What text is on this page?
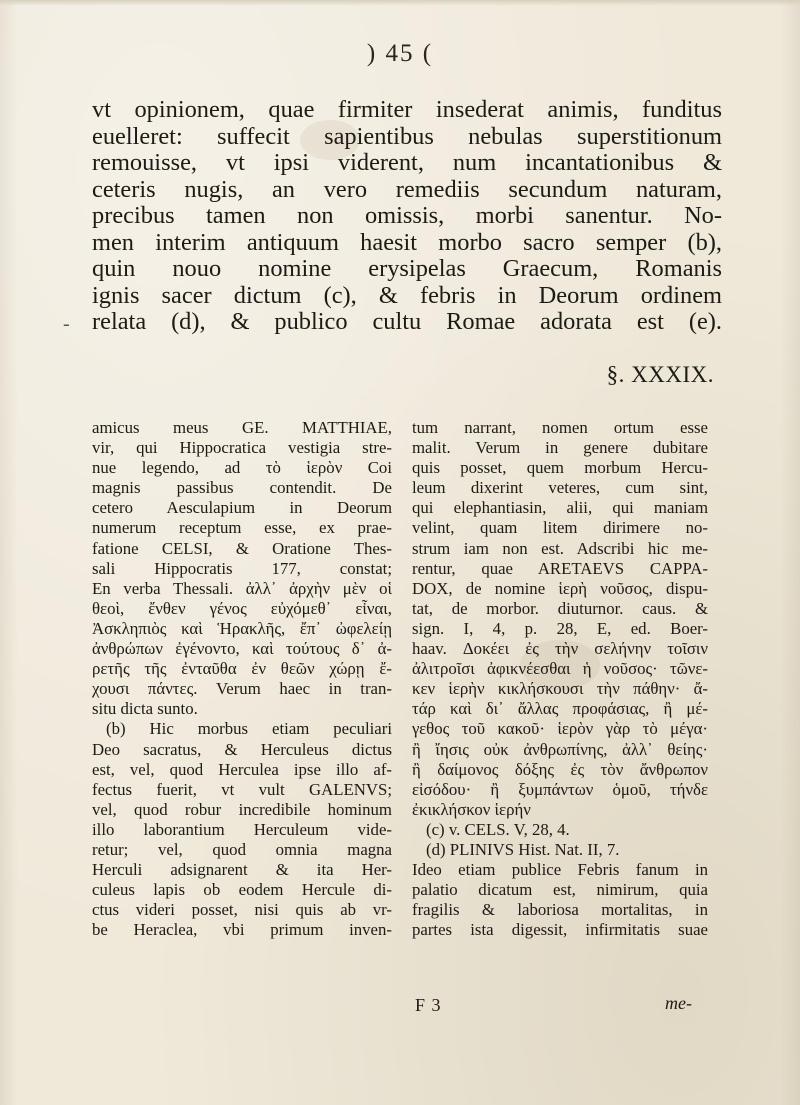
) 45 (
vt opinionem, quae firmiter insederat animis, funditus
euelleret: suffecit sapientibus nebulas superstitionum
remouisse, vt ipsi viderent, num incantationibus &
ceteris nugis, an vero remediis secundum naturam,
precibus tamen non omissis, morbi sanentur. No-
men interim antiquum haesit morbo sacro semper (b),
quin nouo nomine erysipelas Graecum, Romanis
ignis sacer dictum (c), & febris in Deorum ordinem
relata (d), & publico cultu Romae adorata est (e).
§. XXXIX.
-
amicus meus GE. MATTHIAE,
vir, qui Hippocratica vestigia stre-
nue legendo, ad τὸ ἱερὸν Coi
magnis passibus contendit. De
cetero Aesculapium in Deorum
numerum receptum esse, ex prae-
fatione CELSI, & Oratione Thes-
sali Hippocratis 177, constat;
En verba Thessali. ἀλλ᾽ ἀρχὴν μὲν οἱ
θεοὶ, ἔνθεν γένος εὐχόμεθ᾽ εἶναι,
Ἀσκληπιὸς καὶ Ἡρακλῆς, ἔπ᾽ ὠφελείῃ
ἀνθρώπων ἐγένοντο, καὶ τούτους δ᾽ ἀ-
ρετῆς τῆς ἐνταῦθα ἐν θεῶν χώρῃ ἔ-
χουσι πάντες. Verum haec in tran-
situ dicta sunto.
(b) Hic morbus etiam peculiari
Deo sacratus, & Herculeus dictus
est, vel, quod Herculea ipse illo af-
fectus fuerit, vt vult GALENVS;
vel, quod robur incredibile hominum
illo laborantium Herculeum vide-
retur; vel, quod omnia magna
Herculi adsignarent & ita Her-
culeus lapis ob eodem Hercule di-
ctus videri posset, nisi quis ab vr-
be Heraclea, vbi primum inven-
tum narrant, nomen ortum esse
malit. Verum in genere dubitare
quis posset, quem morbum Hercu-
leum dixerint veteres, cum sint,
qui elephantiasin, alii, qui maniam
velint, quam litem dirimere no-
strum iam non est. Adscribi hic me-
rentur, quae ARETAEVS CAPPA-
DOX, de nomine ἱερὴ νοῦσος, dispu-
tat, de morbor. diuturnor. caus. &
sign. I, 4, p. 28, E, ed. Boer-
haav. Δοκέει ἐς τὴν σελήνην τοῖσιν
ἀλιτροῖσι ἀφικνέεσθαι ἡ νοῦσος· τῶνε-
κεν ἱερὴν κικλήσκουσι τὴν πάθην· ἄ-
τάρ καὶ δι᾽ ἄλλας προφάσιας, ἢ μέ-
γεθος τοῦ κακοῦ· ἱερὸν γὰρ τὸ μέγα·
ἢ ἴησις οὐκ ἀνθρωπίνης, ἀλλ᾽ θείης·
ἢ δαίμονος δόξης ἐς τὸν ἄνθρωπον
εἰσόδου· ἢ ξυμπάντων ὁμοῦ, τήνδε
ἐκικλήσκον ἱερήν
(c) v. CELS. V, 28, 4.
(d) PLINIVS Hist. Nat. II, 7.
Ideo etiam publice Febris fanum in
palatio dicatum est, nimirum, quia
fragilis & laboriosa mortalitas, in
partes ista digessit, infirmitatis suae
F 3	me-
